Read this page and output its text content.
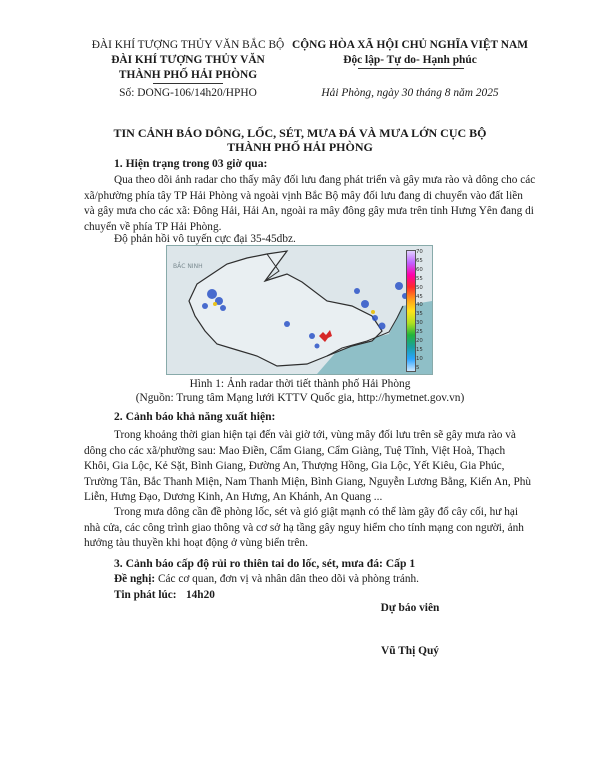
ĐÀI KHÍ TƯỢNG THỦY VĂN BẮC BỘ
ĐÀI KHÍ TƯỢNG THỦY VĂN
THÀNH PHỐ HẢI PHÒNG
Số: DONG-106/14h20/HPHO
CỘNG HÒA XÃ HỘI CHỦ NGHĨA VIỆT NAM
Độc lập- Tự do- Hạnh phúc
Hải Phòng, ngày 30 tháng 8 năm 2025
TIN CẢNH BÁO DÔNG, LỐC, SÉT, MƯA ĐÁ VÀ MƯA LỚN CỤC BỘ
THÀNH PHỐ HẢI PHÒNG
1. Hiện trạng trong 03 giờ qua:
Qua theo dõi ảnh radar cho thấy mây đối lưu đang phát triển và gây mưa rào và dông cho các
xã/phường phía tây TP Hải Phòng và ngoài vịnh Bắc Bộ mây đối lưu đang di chuyển vào đất liền
và gây mưa cho các xã: Đông Hải, Hải An, ngoài ra mây đông gây mưa trên tỉnh Hưng Yên đang di
chuyển về phía TP Hải Phòng.
Độ phản hồi vô tuyến cực đại 35-45dbz.
BẮC NINH
70
65
60
55
50
45
40
35
30
25
20
15
10
5
Hình 1: Ảnh radar thời tiết thành phố Hải Phòng
(Nguồn: Trung tâm Mạng lưới KTTV Quốc gia, http://hymetnet.gov.vn)
2. Cảnh báo khả năng xuất hiện:
Trong khoảng thời gian hiện tại đến vài giờ tới, vùng mây đối lưu trên sẽ gây mưa rào và
dông cho các xã/phường sau: Mao Điền, Cẩm Giang, Cẩm Giàng, Tuệ Tĩnh, Việt Hoà, Thạch
Khôi, Gia Lộc, Kẻ Sặt, Bình Giang, Đường An, Thượng Hồng, Gia Lộc, Yết Kiêu, Gia Phúc,
Trường Tân, Bắc Thanh Miện, Nam Thanh Miện, Bình Giang, Nguyễn Lương Bằng, Kiến An, Phù
Liễn, Hưng Đạo, Dương Kinh, An Hưng, An Khánh, An Quang ...
Trong mưa dông cần đề phòng lốc, sét và gió giật mạnh có thể làm gãy đổ cây cối, hư hại
nhà cửa, các công trình giao thông và cơ sở hạ tầng gây nguy hiểm cho tính mạng con người, ảnh
hưởng tàu thuyền khi hoạt động ở vùng biển trên.
3. Cảnh báo cấp độ rủi ro thiên tai do lốc, sét, mưa đá: Cấp 1
Đề nghị: Các cơ quan, đơn vị và nhân dân theo dõi và phòng tránh.
Tin phát lúc: 14h20
Dự báo viên
Vũ Thị Quý
